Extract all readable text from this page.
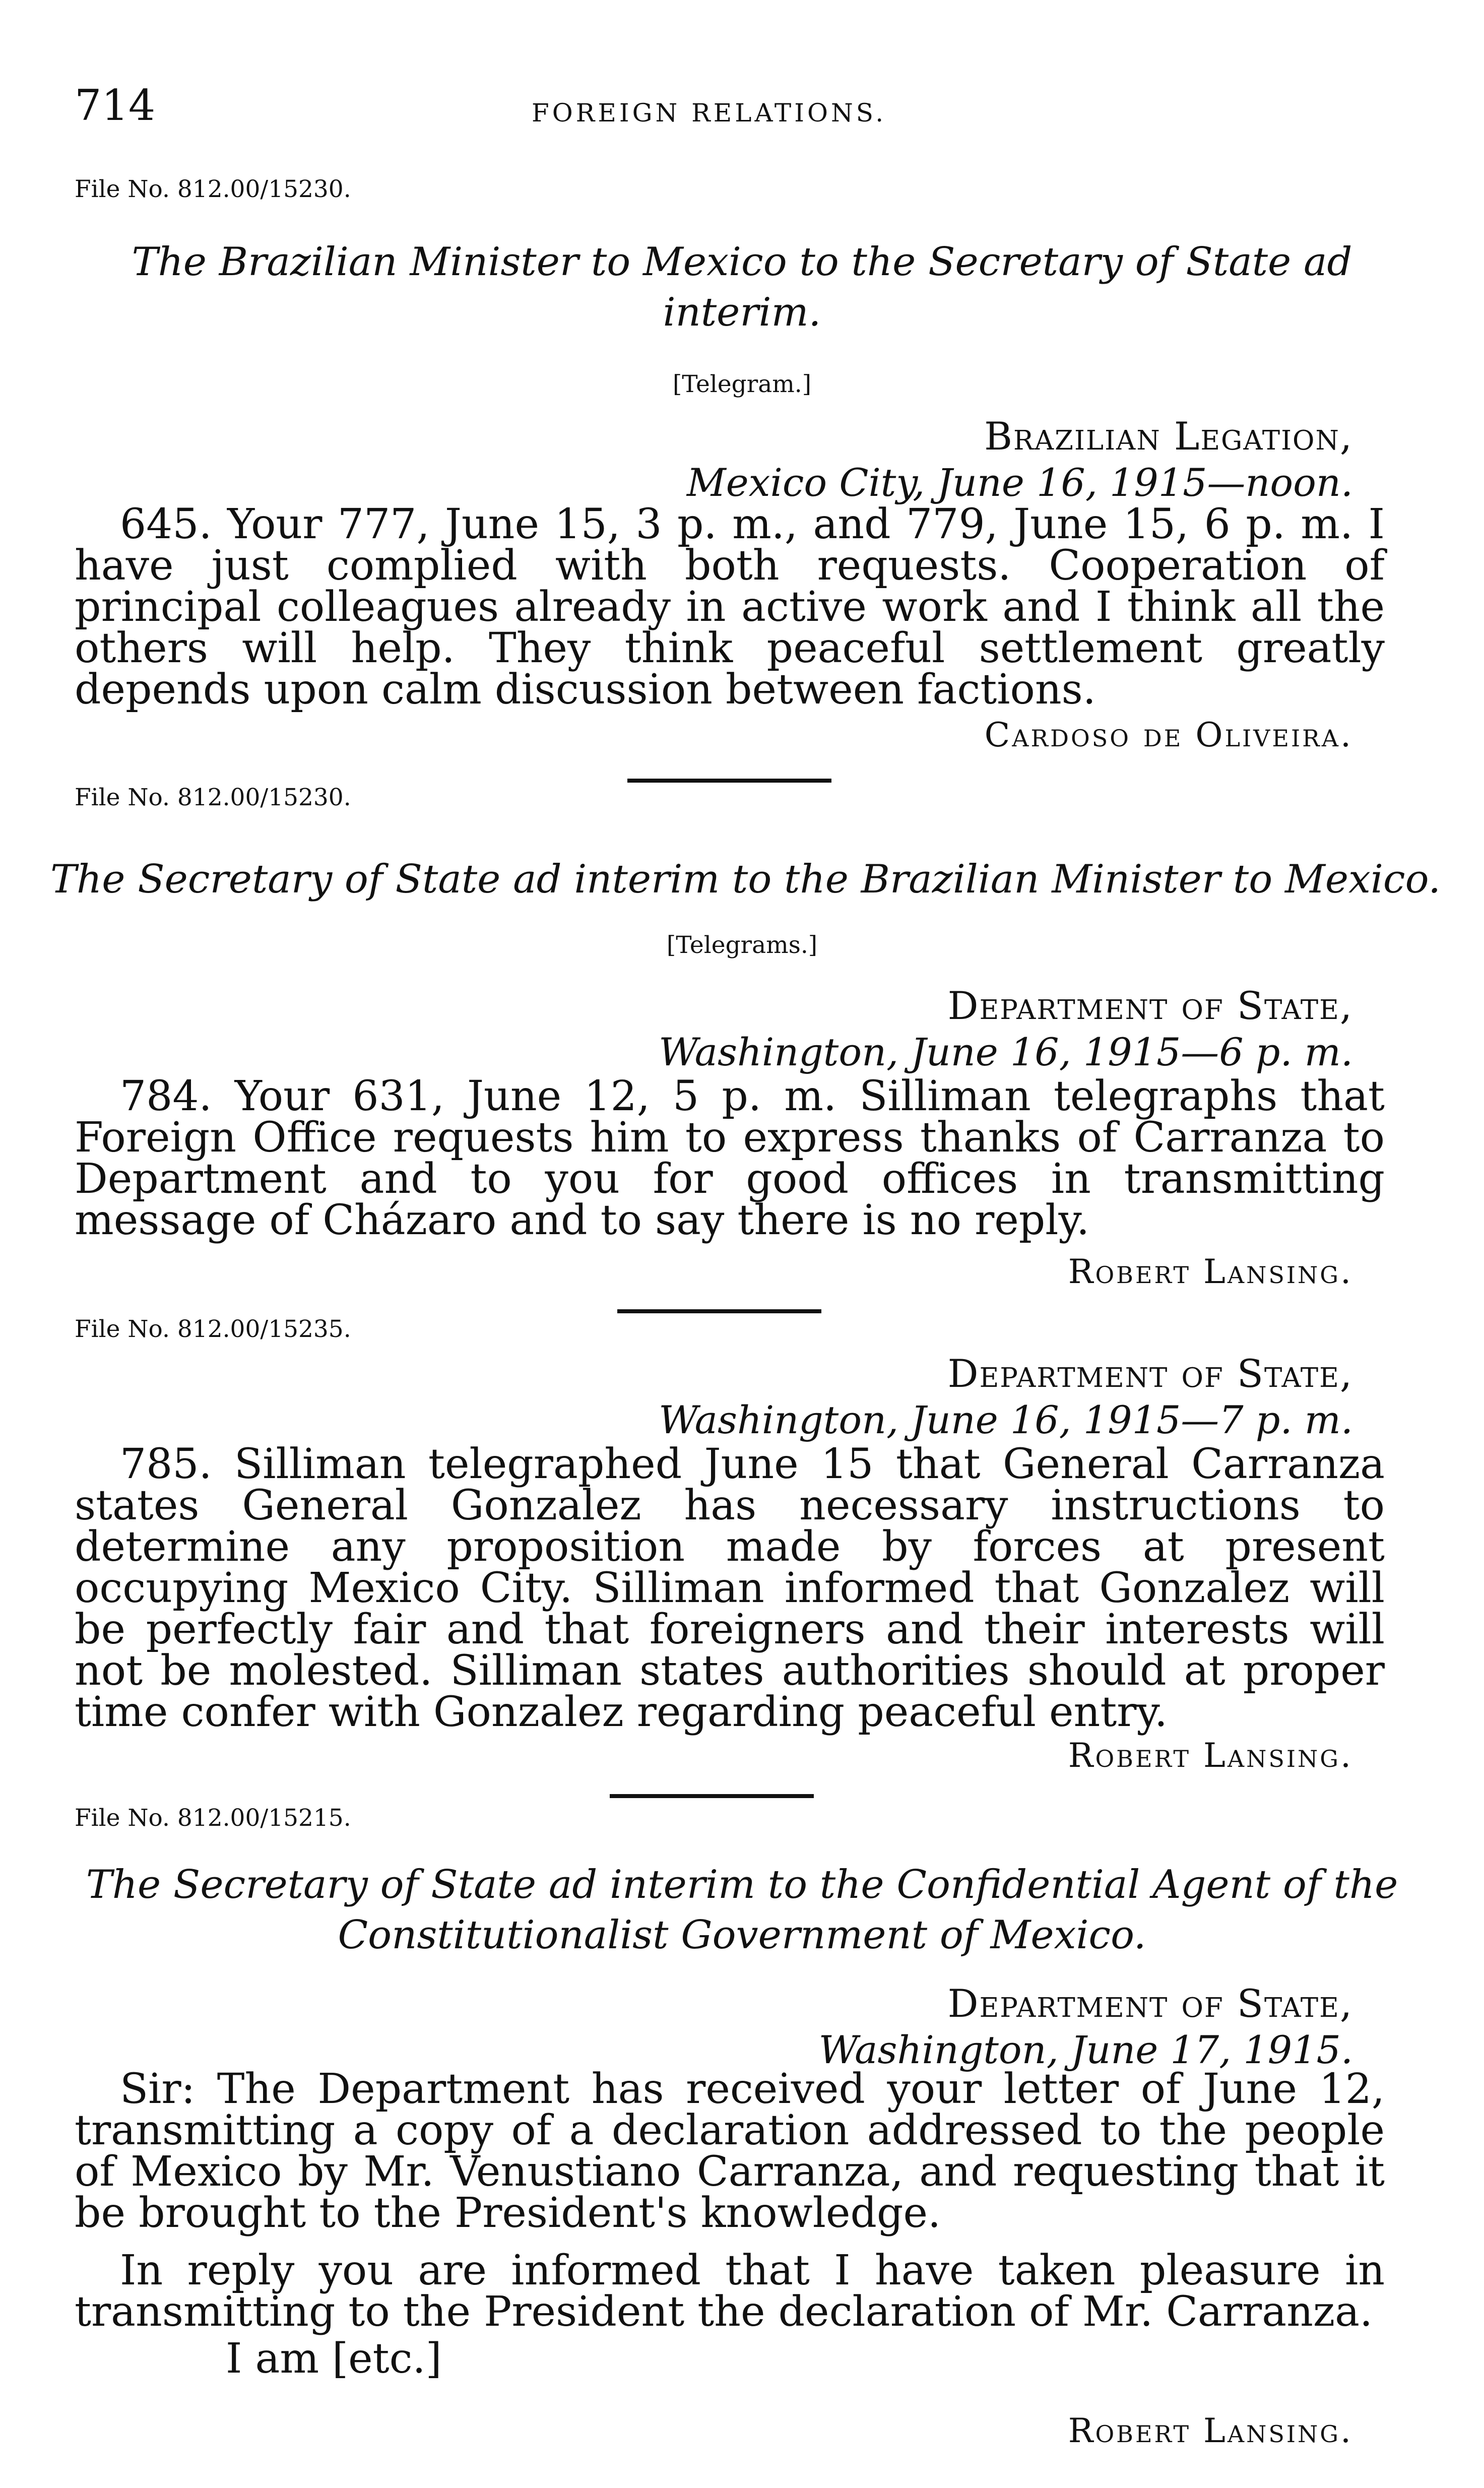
714	FOREIGN RELATIONS.
File No. 812.00/15230.
The Brazilian Minister to Mexico to the Secretary of State ad
interim.
[Telegram.]
Brazilian Legation,
Mexico City, June 16, 1915—noon.
645. Your 777, June 15, 3 p. m., and 779, June 15, 6 p. m. I have just complied with both requests. Cooperation of principal colleagues already in active work and I think all the others will help. They think peaceful settlement greatly depends upon calm discussion between factions.
Cardoso de Oliveira.
File No. 812.00/15230.
The Secretary of State ad interim to the Brazilian Minister to Mexico.
[Telegrams.]
Department of State,
Washington, June 16, 1915—6 p. m.
784. Your 631, June 12, 5 p. m. Silliman telegraphs that Foreign Office requests him to express thanks of Carranza to Department and to you for good offices in transmitting message of Cházaro and to say there is no reply.
Robert Lansing.
File No. 812.00/15235.
Department of State,
Washington, June 16, 1915—7 p. m.
785. Silliman telegraphed June 15 that General Carranza states General Gonzalez has necessary instructions to determine any proposition made by forces at present occupying Mexico City. Silliman informed that Gonzalez will be perfectly fair and that foreigners and their interests will not be molested. Silliman states authorities should at proper time confer with Gonzalez regarding peaceful entry.
Robert Lansing.
File No. 812.00/15215.
The Secretary of State ad interim to the Confidential Agent of the
Constitutionalist Government of Mexico.
Department of State,
Washington, June 17, 1915.
Sir: The Department has received your letter of June 12, transmitting a copy of a declaration addressed to the people of Mexico by Mr. Venustiano Carranza, and requesting that it be brought to the President's knowledge.
In reply you are informed that I have taken pleasure in transmitting to the President the declaration of Mr. Carranza.
I am [etc.]
Robert Lansing.
